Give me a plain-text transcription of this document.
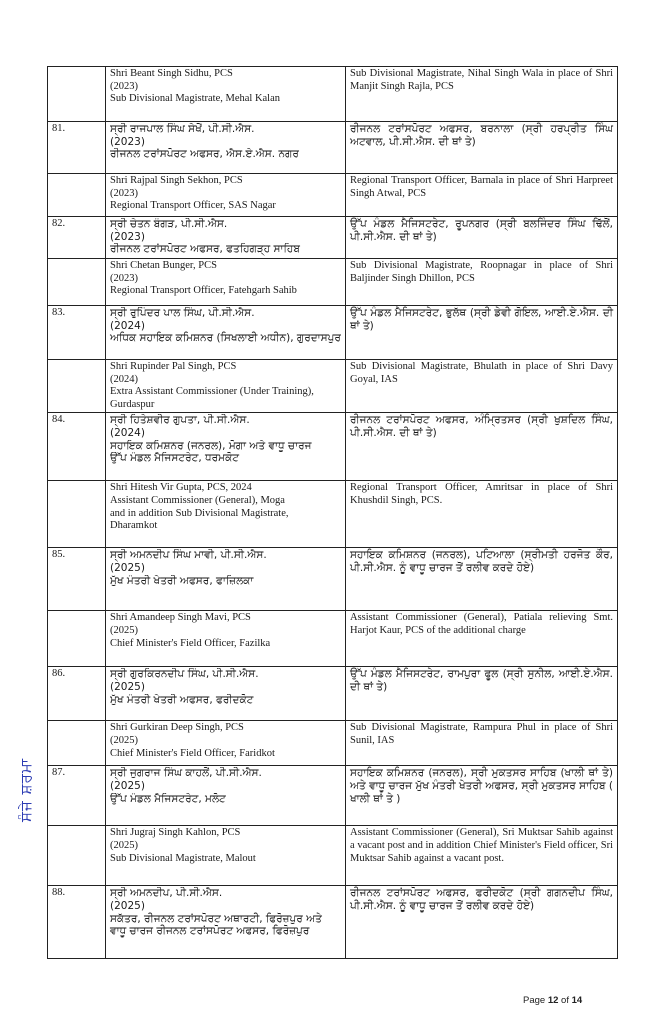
	Shri Beant Singh Sidhu, PCS
(2023)
Sub Divisional Magistrate, Mehal Kalan	Sub Divisional Magistrate, Nihal Singh Wala in place of Shri Manjit Singh Rajla, PCS

81.	ਸ੍ਰੀ ਰਾਜਪਾਲ ਸਿੰਘ ਸੇਖੋਂ, ਪੀ.ਸੀ.ਐਸ.
(2023)
ਰੀਜਨਲ ਟਰਾਂਸਪੋਰਟ ਅਫਸਰ, ਐਸ.ਏ.ਐਸ. ਨਗਰ	ਰੀਜਨਲ ਟਰਾਂਸਪੋਰਟ ਅਫਸਰ, ਬਰਨਾਲਾ (ਸ੍ਰੀ ਹਰਪ੍ਰੀਤ ਸਿੰਘ ਅਟਵਾਲ, ਪੀ.ਸੀ.ਐਸ. ਦੀ ਥਾਂ ਤੇ)

	Shri Rajpal Singh Sekhon, PCS
(2023)
Regional Transport Officer, SAS Nagar	Regional Transport Officer, Barnala in place of Shri Harpreet Singh Atwal, PCS

82.	ਸ੍ਰੀ ਚੇਤਨ ਬੰਗੜ, ਪੀ.ਸੀ.ਐਸ.
(2023)
ਰੀਜਨਲ ਟਰਾਂਸਪੋਰਟ ਅਫਸਰ, ਫਤਹਿਗੜ੍ਹ ਸਾਹਿਬ	ਉੱਪ ਮੰਡਲ ਮੈਜਿਸਟਰੇਟ, ਰੂਪਨਗਰ (ਸ੍ਰੀ ਬਲਜਿੰਦਰ ਸਿੰਘ ਢਿੱਲੋਂ, ਪੀ.ਸੀ.ਐਸ. ਦੀ ਥਾਂ ਤੇ)

	Shri Chetan Bunger, PCS
(2023)
Regional Transport Officer, Fatehgarh Sahib	Sub Divisional Magistrate, Roopnagar in place of Shri Baljinder Singh Dhillon, PCS

83.	ਸ੍ਰੀ ਰੁਪਿੰਦਰ ਪਾਲ ਸਿੰਘ, ਪੀ.ਸੀ.ਐਸ.
(2024)
ਅਧਿਕ ਸਹਾਇਕ ਕਮਿਸ਼ਨਰ (ਸਿਖਲਾਈ ਅਧੀਨ), ਗੁਰਦਾਸਪੁਰ	ਉੱਪ ਮੰਡਲ ਮੈਜਿਸਟਰੇਟ, ਭੁਲੱਥ (ਸ੍ਰੀ ਡੇਵੀ ਗੋਇਲ, ਆਈ.ਏ.ਐਸ. ਦੀ ਥਾਂ ਤੇ)

	Shri Rupinder Pal Singh, PCS
(2024)
Extra Assistant Commissioner (Under Training), Gurdaspur	Sub Divisional Magistrate, Bhulath in place of Shri Davy Goyal, IAS

84.	ਸ੍ਰੀ ਹਿਤੇਸ਼ਵੀਰ ਗੁਪਤਾ, ਪੀ.ਸੀ.ਐਸ.
(2024)
ਸਹਾਇਕ ਕਮਿਸ਼ਨਰ (ਜਨਰਲ), ਮੋਗਾ ਅਤੇ ਵਾਧੂ ਚਾਰਜ
ਉੱਪ ਮੰਡਲ ਮੈਜਿਸਟਰੇਟ, ਧਰਮਕੋਟ	ਰੀਜਨਲ ਟਰਾਂਸਪੋਰਟ ਅਫਸਰ, ਅੰਮ੍ਰਿਤਸਰ (ਸ੍ਰੀ ਖੁਸ਼ਦਿਲ ਸਿੰਘ, ਪੀ.ਸੀ.ਐਸ. ਦੀ ਥਾਂ ਤੇ)

	Shri Hitesh Vir Gupta, PCS, 2024
Assistant Commissioner (General), Moga
and in addition Sub Divisional Magistrate,
Dharamkot	Regional Transport Officer, Amritsar in place of Shri Khushdil Singh, PCS.

85.	ਸ੍ਰੀ ਅਮਨਦੀਪ ਸਿੰਘ ਮਾਵੀ, ਪੀ.ਸੀ.ਐਸ.
(2025)
ਮੁੱਖ ਮੰਤਰੀ ਖੇਤਰੀ ਅਫਸਰ, ਫਾਜ਼ਿਲਕਾ	ਸਹਾਇਕ ਕਮਿਸ਼ਨਰ (ਜਨਰਲ), ਪਟਿਆਲਾ (ਸ੍ਰੀਮਤੀ ਹਰਜੋਤ ਕੌਰ, ਪੀ.ਸੀ.ਐਸ. ਨੂੰ ਵਾਧੂ ਚਾਰਜ ਤੋਂ ਰਲੀਵ ਕਰਦੇ ਹੋਏ)

	Shri Amandeep Singh Mavi, PCS
(2025)
Chief Minister's Field Officer, Fazilka	Assistant Commissioner (General), Patiala relieving Smt. Harjot Kaur, PCS of the additional charge

86.	ਸ੍ਰੀ ਗੁਰਕਿਰਨਦੀਪ ਸਿੰਘ, ਪੀ.ਸੀ.ਐਸ.
(2025)
ਮੁੱਖ ਮੰਤਰੀ ਖੇਤਰੀ ਅਫਸਰ, ਫਰੀਦਕੋਟ	ਉੱਪ ਮੰਡਲ ਮੈਜਿਸਟਰੇਟ, ਰਾਮਪੁਰਾ ਫੂਲ (ਸ੍ਰੀ ਸੁਨੀਲ, ਆਈ.ਏ.ਐਸ. ਦੀ ਥਾਂ ਤੇ)

	Shri Gurkiran Deep Singh, PCS
(2025)
Chief Minister's Field Officer, Faridkot	Sub Divisional Magistrate, Rampura Phul in place of Shri Sunil, IAS

87.	ਸ੍ਰੀ ਜੁਗਰਾਜ ਸਿੰਘ ਕਾਹਲੋਂ, ਪੀ.ਸੀ.ਐਸ.
(2025)
ਉੱਪ ਮੰਡਲ ਮੈਜਿਸਟਰੇਟ, ਮਲੋਟ	ਸਹਾਇਕ ਕਮਿਸ਼ਨਰ (ਜਨਰਲ), ਸ੍ਰੀ ਮੁਕਤਸਰ ਸਾਹਿਬ (ਖਾਲੀ ਥਾਂ ਤੇ) ਅਤੇ ਵਾਧੂ ਚਾਰਜ ਮੁੱਖ ਮੰਤਰੀ ਖੇਤਰੀ ਅਫਸਰ, ਸ੍ਰੀ ਮੁਕਤਸਰ ਸਾਹਿਬ ( ਖਾਲੀ ਥਾਂ ਤੇ )

	Shri Jugraj Singh Kahlon, PCS
(2025)
Sub Divisional Magistrate, Malout	Assistant Commissioner (General), Sri Muktsar Sahib against a vacant post and in addition Chief Minister's Field officer, Sri Muktsar Sahib against a vacant post.

88.	ਸ੍ਰੀ ਅਮਨਦੀਪ, ਪੀ.ਸੀ.ਐਸ.
(2025)
ਸਕੱਤਰ, ਰੀਜਨਲ ਟਰਾਂਸਪੋਰਟ ਅਥਾਰਟੀ, ਫਿਰੋਜ਼ਪੁਰ ਅਤੇ ਵਾਧੂ ਚਾਰਜ ਰੀਜਨਲ ਟਰਾਂਸਪੋਰਟ ਅਫਸਰ, ਫਿਰੋਜ਼ਪੁਰ	ਰੀਜਨਲ ਟਰਾਂਸਪੋਰਟ ਅਫਸਰ, ਫਰੀਦਕੋਟ (ਸ੍ਰੀ ਗਗਨਦੀਪ ਸਿੰਘ, ਪੀ.ਸੀ.ਐਸ. ਨੂੰ ਵਾਧੂ ਚਾਰਜ ਤੋਂ ਰਲੀਵ ਕਰਦੇ ਹੋਏ)
ਸੰਜੇ ਸ਼ਰਮਾ
Page 12 of 14
